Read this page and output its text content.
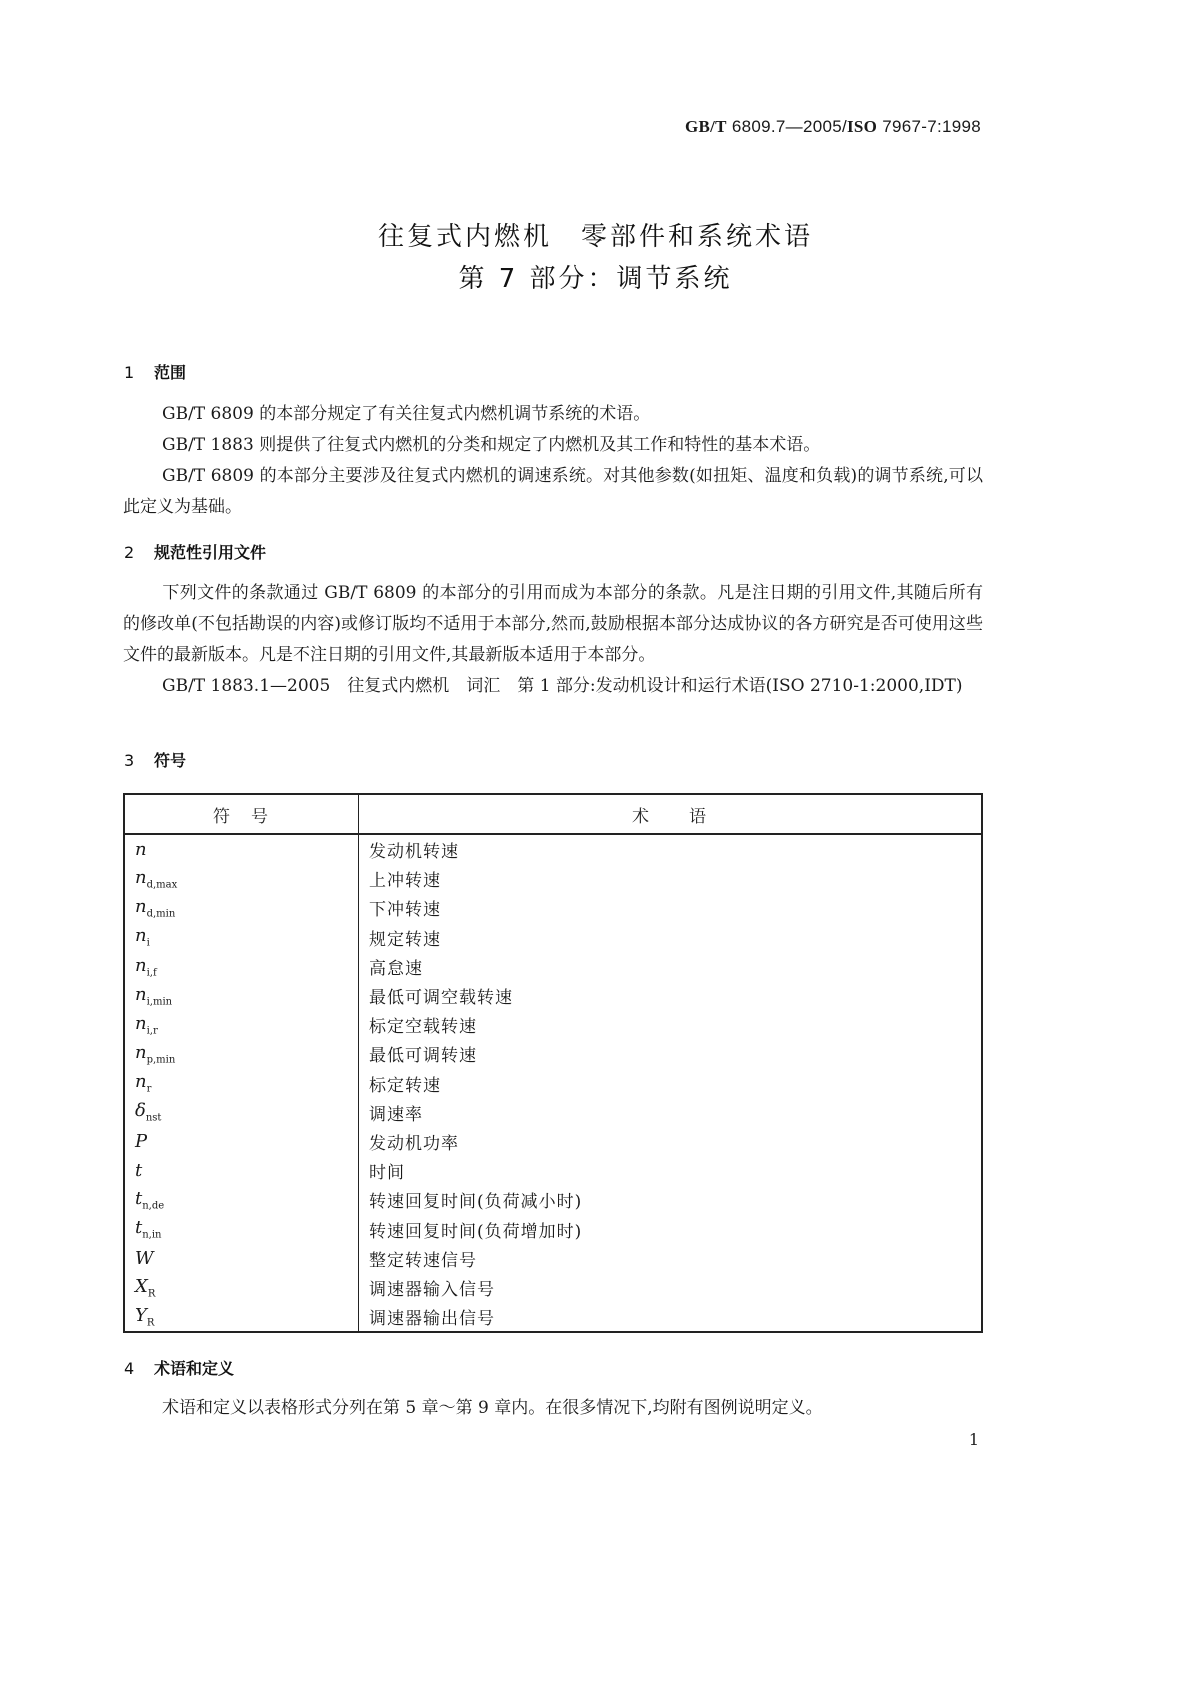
GB/T 6809.7—2005/ISO 7967-7:1998
往复式内燃机　零部件和系统术语
第 7 部分：调节系统
1 范围
GB/T 6809 的本部分规定了有关往复式内燃机调节系统的术语。
GB/T 1883 则提供了往复式内燃机的分类和规定了内燃机及其工作和特性的基本术语。
GB/T 6809 的本部分主要涉及往复式内燃机的调速系统。对其他参数(如扭矩、温度和负载)的调节系统,可以此定义为基础。
2 规范性引用文件
下列文件的条款通过 GB/T 6809 的本部分的引用而成为本部分的条款。凡是注日期的引用文件,其随后所有的修改单(不包括勘误的内容)或修订版均不适用于本部分,然而,鼓励根据本部分达成协议的各方研究是否可使用这些文件的最新版本。凡是不注日期的引用文件,其最新版本适用于本部分。
GB/T 1883.1—2005　往复式内燃机　词汇　第 1 部分:发动机设计和运行术语(ISO 2710-1:2000,IDT)
3 符号
符　号	术　　语
n	发动机转速
$n_{d,max}$	上冲转速
$n_{d,min}$	下冲转速
$n_i$	规定转速
$n_{i,f}$	高怠速
$n_{i,min}$	最低可调空载转速
$n_{i,r}$	标定空载转速
$n_{p,min}$	最低可调转速
$n_r$	标定转速
$\delta_{nst}$	调速率
P	发动机功率
t	时间
$t_{n,de}$	转速回复时间(负荷减小时)
$t_{n,in}$	转速回复时间(负荷增加时)
W	整定转速信号
$X_R$	调速器输入信号
$Y_R$	调速器输出信号
4 术语和定义
术语和定义以表格形式分列在第 5 章～第 9 章内。在很多情况下,均附有图例说明定义。
1
